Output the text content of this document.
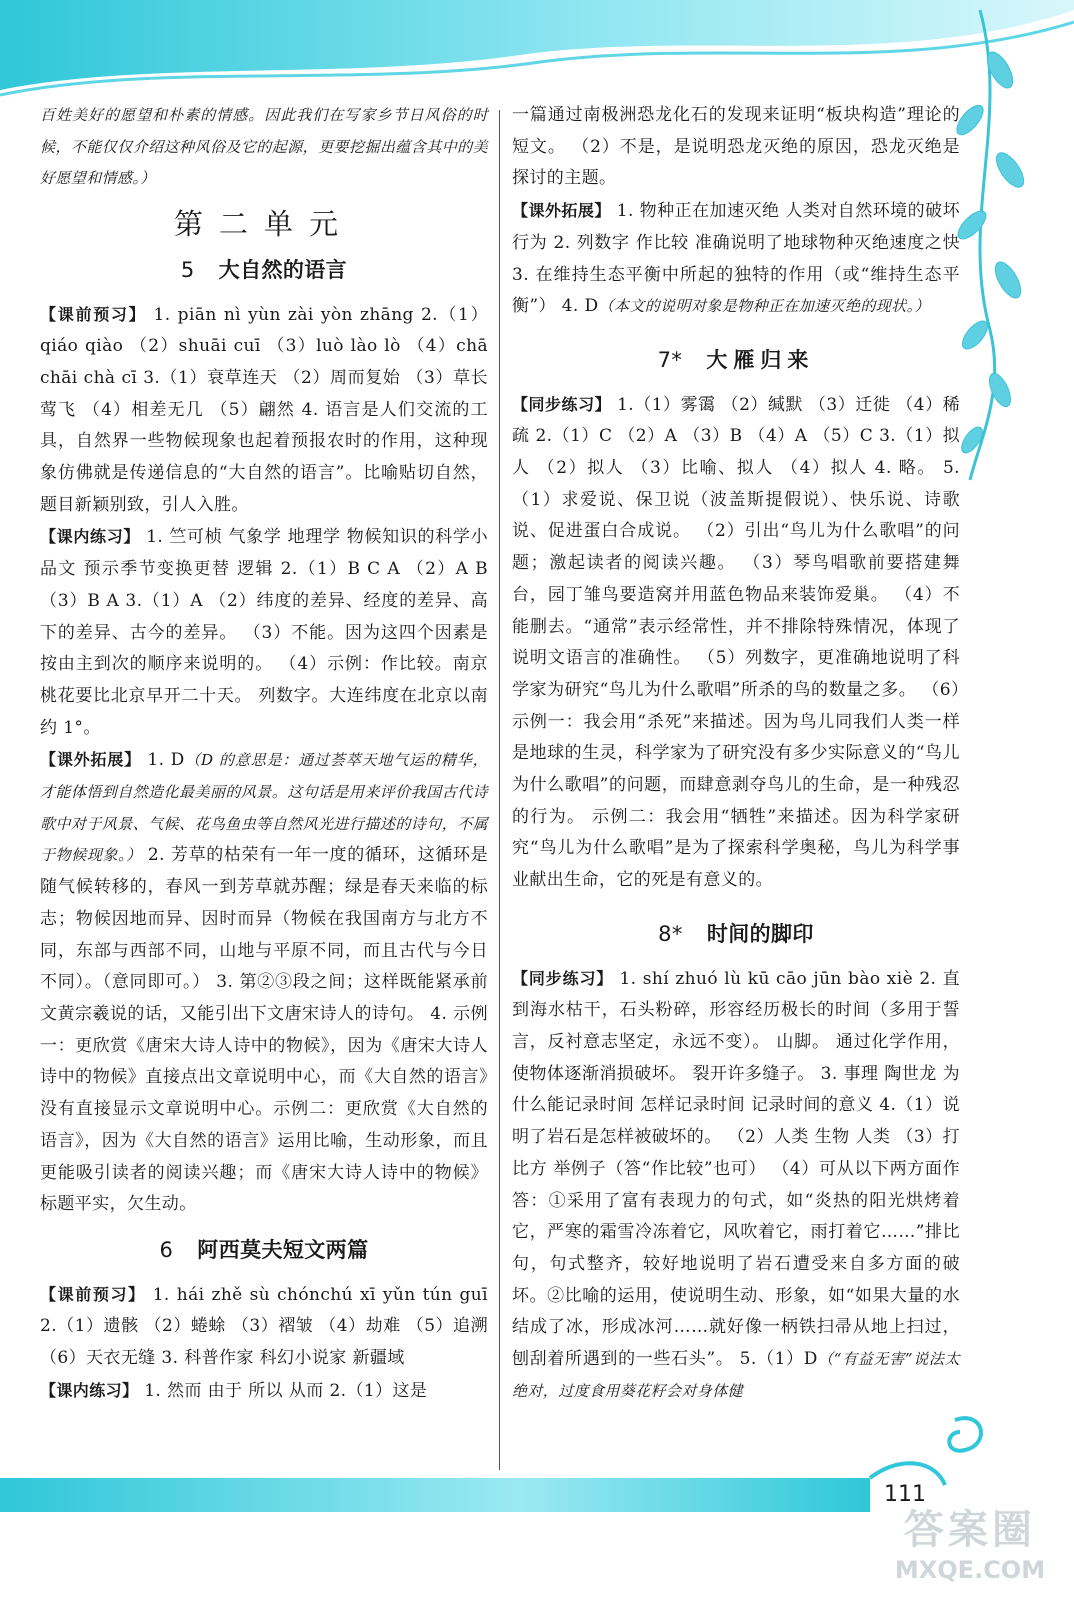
百姓美好的愿望和朴素的情感。因此我们在写家乡节日风俗的时候，不能仅仅介绍这种风俗及它的起源，更要挖掘出蕴含其中的美好愿望和情感。）

第二单元
5 大自然的语言

【课前预习】 1. piān nì yùn zài yòn zhāng 2.（1）qiáo qiào （2）shuāi cuī （3）luò lào lò （4）chā chāi chà cī 3.（1）衰草连天 （2）周而复始 （3）草长莺飞 （4）相差无几 （5）翩然 4. 语言是人们交流的工具，自然界一些物候现象也起着预报农时的作用，这种现象仿佛就是传递信息的“大自然的语言”。比喻贴切自然，题目新颖别致，引人入胜。

【课内练习】 1. 竺可桢 气象学 地理学 物候知识的科学小品文 预示季节变换更替 逻辑 2.（1）B C A （2）A B （3）B A 3.（1）A （2）纬度的差异、经度的差异、高下的差异、古今的差异。 （3）不能。因为这四个因素是按由主到次的顺序来说明的。 （4）示例：作比较。南京桃花要比北京早开二十天。 列数字。大连纬度在北京以南约 1°。

【课外拓展】 1. D（D 的意思是：通过荟萃天地气运的精华，才能体悟到自然造化最美丽的风景。这句话是用来评价我国古代诗歌中对于风景、气候、花鸟鱼虫等自然风光进行描述的诗句，不属于物候现象。） 2. 芳草的枯荣有一年一度的循环，这循环是随气候转移的，春风一到芳草就苏醒；绿是春天来临的标志；物候因地而异、因时而异（物候在我国南方与北方不同，东部与西部不同，山地与平原不同，而且古代与今日不同）。（意同即可。） 3. 第②③段之间；这样既能紧承前文黄宗羲说的话，又能引出下文唐宋诗人的诗句。 4. 示例一：更欣赏《唐宋大诗人诗中的物候》，因为《唐宋大诗人诗中的物候》直接点出文章说明中心，而《大自然的语言》没有直接显示文章说明中心。示例二：更欣赏《大自然的语言》，因为《大自然的语言》运用比喻，生动形象，而且更能吸引读者的阅读兴趣；而《唐宋大诗人诗中的物候》标题平实，欠生动。

6 阿西莫夫短文两篇

【课前预习】 1. hái zhě sù chónchú xī yǔn tún guī 2.（1）遗骸 （2）蜷蜍 （3）褶皱 （4）劫难 （5）追溯 （6）天衣无缝 3. 科普作家 科幻小说家 新疆域

【课内练习】 1. 然而 由于 所以 从而 2.（1）这是

一篇通过南极洲恐龙化石的发现来证明“板块构造”理论的短文。 （2）不是，是说明恐龙灭绝的原因，恐龙灭绝是探讨的主题。

【课外拓展】 1. 物种正在加速灭绝 人类对自然环境的破坏行为 2. 列数字 作比较 准确说明了地球物种灭绝速度之快 3. 在维持生态平衡中所起的独特的作用（或“维持生态平衡”） 4. D（本文的说明对象是物种正在加速灭绝的现状。）

7* 大雁归来

【同步练习】 1.（1）雾霭 （2）缄默 （3）迁徙 （4）稀疏 2.（1）C （2）A （3）B （4）A （5）C 3.（1）拟人 （2）拟人 （3）比喻、拟人 （4）拟人 4. 略。 5.（1）求爱说、保卫说（波盖斯提假说）、快乐说、诗歌说、促进蛋白合成说。 （2）引出“鸟儿为什么歌唱”的问题；激起读者的阅读兴趣。 （3）琴鸟唱歌前要搭建舞台，园丁雏鸟要造窝并用蓝色物品来装饰爱巢。 （4）不能删去。“通常”表示经常性，并不排除特殊情况，体现了说明文语言的准确性。 （5）列数字，更准确地说明了科学家为研究“鸟儿为什么歌唱”所杀的鸟的数量之多。 （6）示例一：我会用“杀死”来描述。因为鸟儿同我们人类一样是地球的生灵，科学家为了研究没有多少实际意义的“鸟儿为什么歌唱”的问题，而肆意剥夺鸟儿的生命，是一种残忍的行为。 示例二：我会用“牺牲”来描述。因为科学家研究“鸟儿为什么歌唱”是为了探索科学奥秘，鸟儿为科学事业献出生命，它的死是有意义的。

8* 时间的脚印

【同步练习】 1. shí zhuó lù kū cāo jūn bào xiè 2. 直到海水枯干，石头粉碎，形容经历极长的时间（多用于誓言，反衬意志坚定，永远不变）。 山脚。 通过化学作用，使物体逐渐消损破坏。 裂开许多缝子。 3. 事理 陶世龙 为什么能记录时间 怎样记录时间 记录时间的意义 4.（1）说明了岩石是怎样被破坏的。 （2）人类 生物 人类 （3）打比方 举例子（答“作比较”也可） （4）可从以下两方面作答：①采用了富有表现力的句式，如“炎热的阳光烘烤着它，严寒的霜雪冷冻着它，风吹着它，雨打着它……”排比句，句式整齐，较好地说明了岩石遭受来自多方面的破坏。②比喻的运用，使说明生动、形象，如“如果大量的水结成了冰，形成冰河……就好像一柄铁扫帚从地上扫过，刨刮着所遇到的一些石头”。 5.（1）D（“有益无害”说法太绝对，过度食用葵花籽会对身体健

111
答案圈
MXQE.COM
